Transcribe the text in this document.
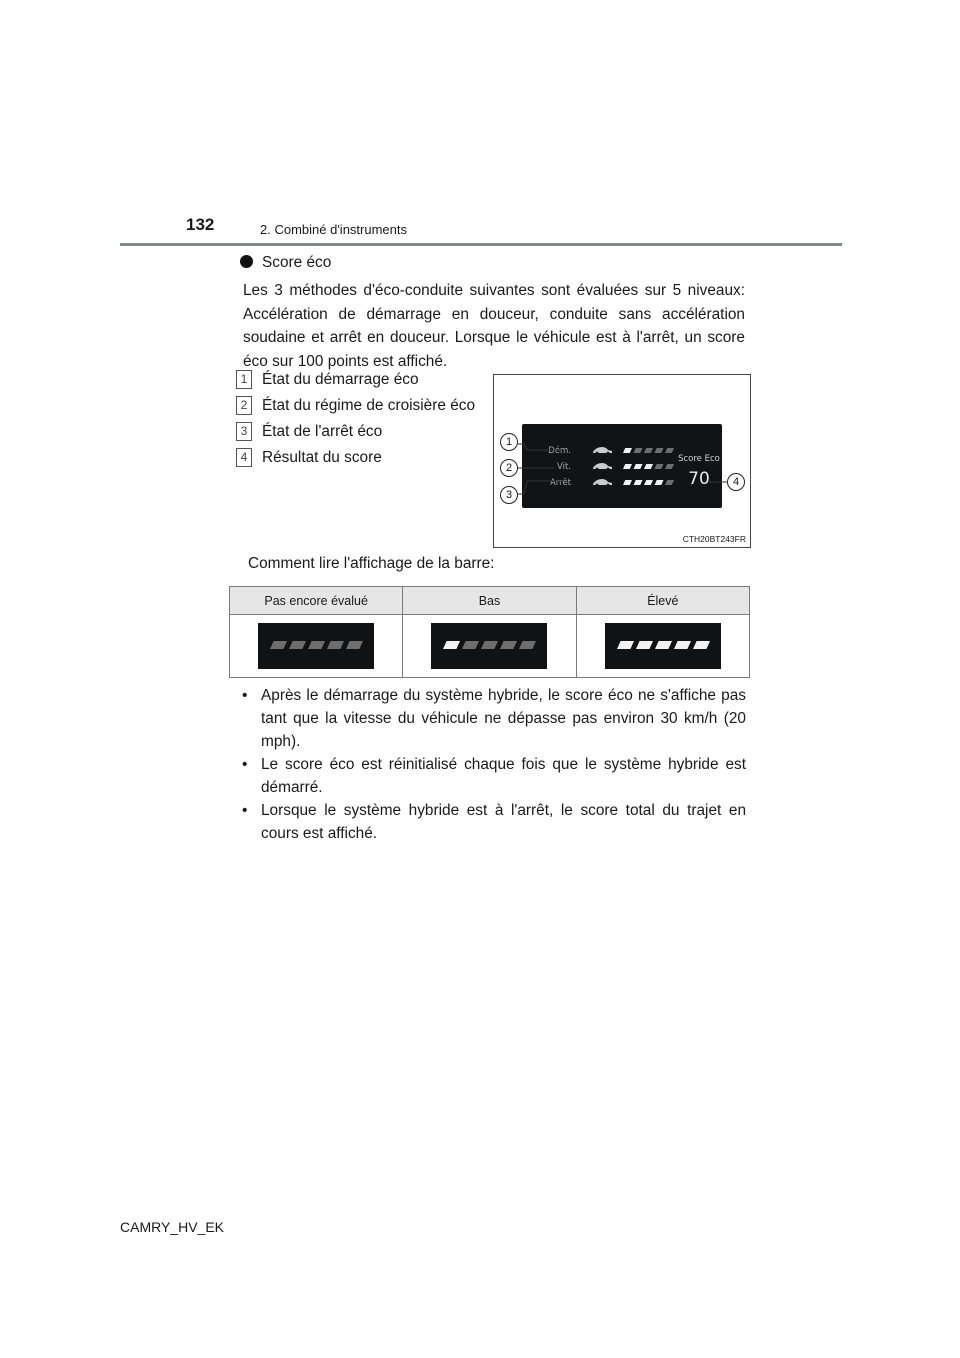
132	2. Combiné d'instruments
Score éco

Les 3 méthodes d'éco-conduite suivantes sont évaluées sur 5 niveaux: Accélération de démarrage en douceur, conduite sans accélération soudaine et arrêt en douceur. Lorsque le véhicule est à l'arrêt, un score éco sur 100 points est affiché.

1 État du démarrage éco
2 État du régime de croisière éco
3 État de l'arrêt éco
4 Résultat du score	Dém.
Vit.
Arrêt
Score Eco
70
1
2
3
4
CTH20BT243FR
Comment lire l'affichage de la barre:
Pas encore évalué	Bas	Élevé

• Après le démarrage du système hybride, le score éco ne s'affiche pas tant que la vitesse du véhicule ne dépasse pas environ 30 km/h (20 mph).

• Le score éco est réinitialisé chaque fois que le système hybride est démarré.

• Lorsque le système hybride est à l'arrêt, le score total du trajet en cours est affiché.

CAMRY_HV_EK
